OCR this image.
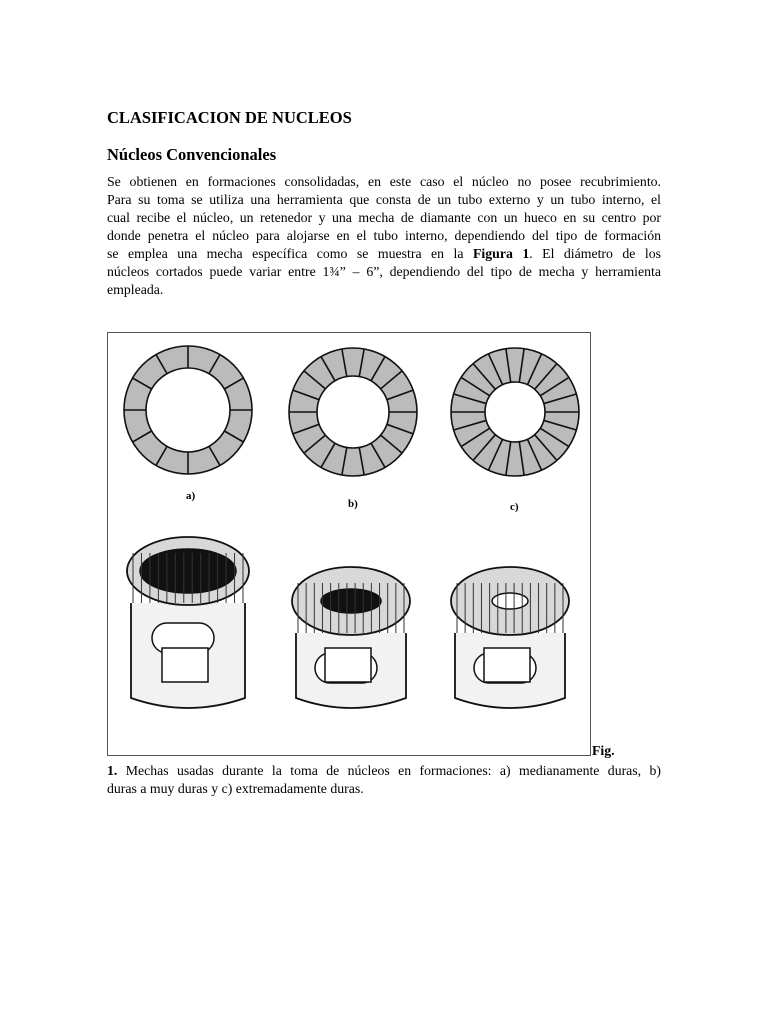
CLASIFICACION DE NUCLEOS
Núcleos Convencionales
Se obtienen en formaciones consolidadas, en este caso el núcleo no posee recubrimiento.
Para su toma se utiliza una herramienta que consta de un tubo externo y un tubo interno, el
cual recibe el núcleo, un retenedor y una mecha de diamante con un hueco en su centro por
donde penetra el núcleo para alojarse en el tubo interno, dependiendo del tipo de formación
se emplea una mecha específica como se muestra en la Figura 1. El diámetro de los
núcleos cortados puede variar entre 1¾” – 6”, dependiendo del tipo de mecha y herramienta
empleada.
a)
b)	c)
Fig.
1. Mechas usadas durante la toma de núcleos en formaciones: a) medianamente duras, b)
duras a muy duras y c) extremadamente duras.
